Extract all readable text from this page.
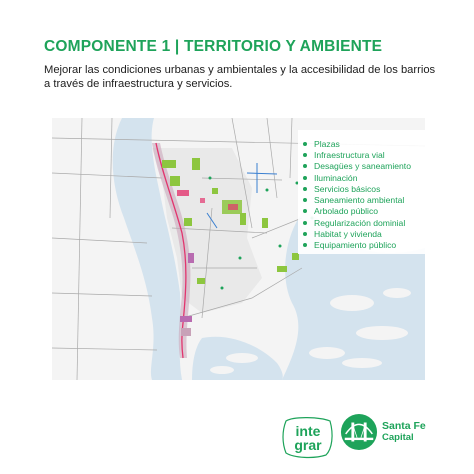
COMPONENTE 1 | TERRITORIO Y AMBIENTE
Mejorar las condiciones urbanas y ambientales y la accesibilidad de los barrios a través de infraestructura y servicios.
Plazas
Infraestructura vial
Desagües y saneamiento
Iluminación
Servicios básicos
Saneamiento ambiental
Arbolado público
Regularización dominial
Habitat y vivienda
Equipamiento público
inte
grar
Santa Fe
Capital
